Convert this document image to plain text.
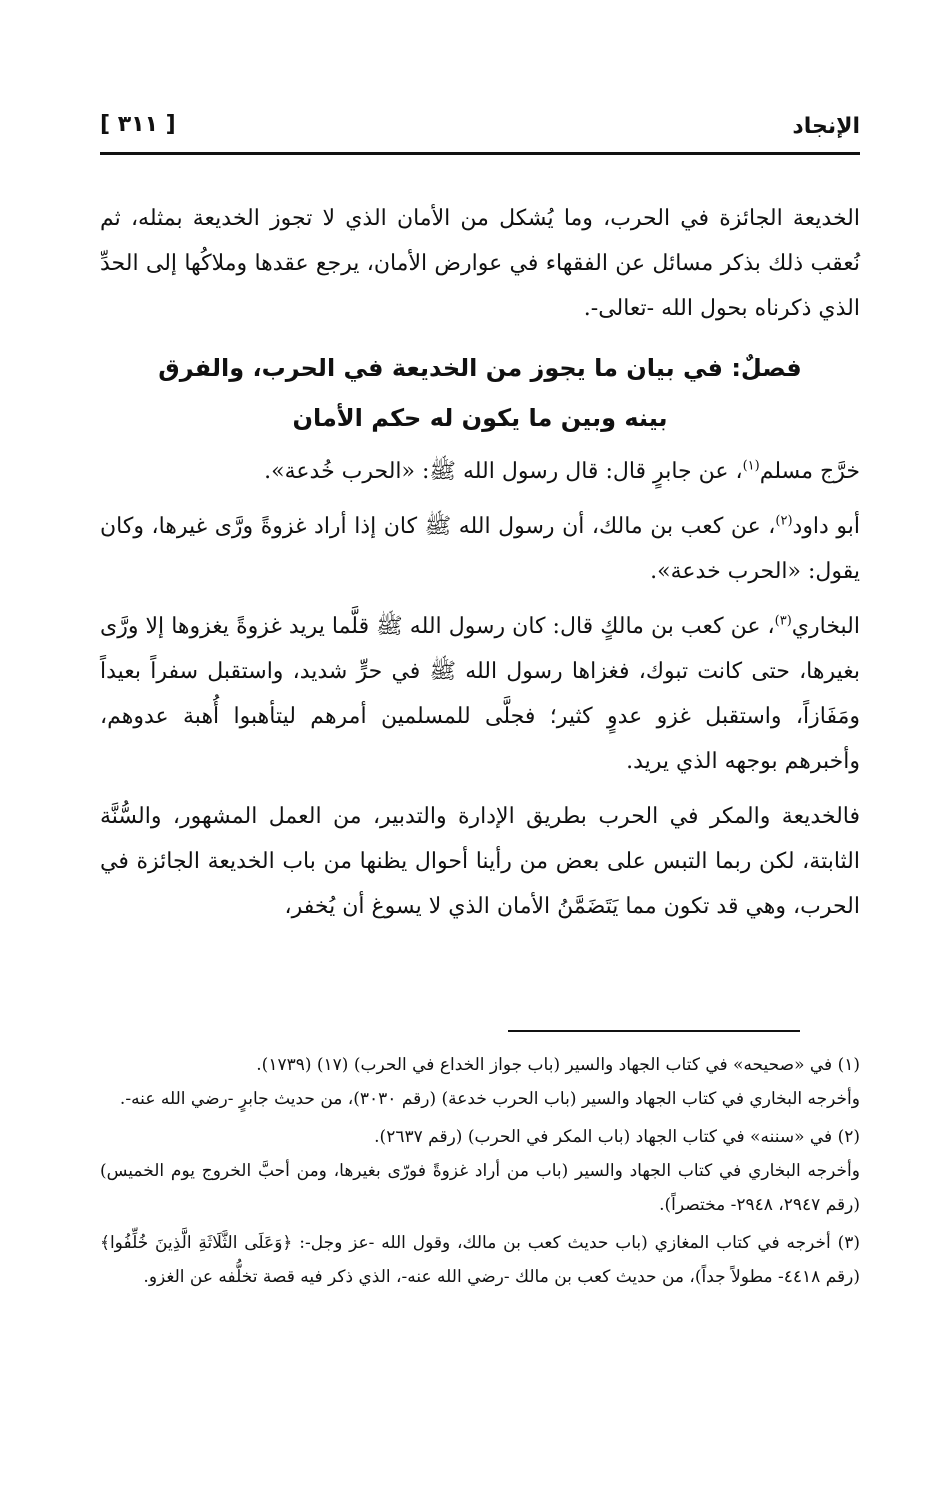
الإنجاد
[ ٣١١ ]

الخديعة الجائزة في الحرب، وما يُشكل من الأمان الذي لا تجوز الخديعة بمثله، ثم نُعقب ذلك بذكر مسائل عن الفقهاء في عوارض الأمان، يرجع عقدها وملاكُها إلى الحدِّ الذي ذكرناه بحول الله -تعالى-.

فصلٌ: في بيان ما يجوز من الخديعة في الحرب، والفرق
بينه وبين ما يكون له حكم الأمان

خرَّج مسلم$^{(١)}$، عن جابرٍ قال: قال رسول الله ﷺ: «الحرب خُدعة».

أبو داود$^{(٢)}$، عن كعب بن مالك، أن رسول الله ﷺ كان إذا أراد غزوةً ورَّى غيرها، وكان يقول: «الحرب خدعة».

البخاري$^{(٣)}$، عن كعب بن مالكٍ قال: كان رسول الله ﷺ قلَّما يريد غزوةً يغزوها إلا ورَّى بغيرها، حتى كانت تبوك، فغزاها رسول الله ﷺ في حرٍّ شديد، واستقبل سفراً بعيداً ومَفَازاً، واستقبل غزو عدوٍ كثير؛ فجلَّى للمسلمين أمرهم ليتأهبوا أُهبة عدوهم، وأخبرهم بوجهه الذي يريد.

فالخديعة والمكر في الحرب بطريق الإدارة والتدبير، من العمل المشهور، والسُّنَّة الثابتة، لكن ربما التبس على بعض من رأينا أحوال يظنها من باب الخديعة الجائزة في الحرب، وهي قد تكون مما يَتَضَمَّنُ الأمان الذي لا يسوغ أن يُخفر،

(١) في «صحيحه» في كتاب الجهاد والسير (باب جواز الخداع في الحرب) (١٧) (١٧٣٩).

وأخرجه البخاري في كتاب الجهاد والسير (باب الحرب خدعة) (رقم ٣٠٣٠)، من حديث جابرٍ -رضي الله عنه-.

(٢) في «سننه» في كتاب الجهاد (باب المكر في الحرب) (رقم ٢٦٣٧).

وأخرجه البخاري في كتاب الجهاد والسير (باب من أراد غزوةً فورّى بغيرها، ومن أحبَّ الخروج يوم الخميس) (رقم ٢٩٤٧، ٢٩٤٨- مختصراً).

(٣) أخرجه في كتاب المغازي (باب حديث كعب بن مالك، وقول الله -عز وجل-: ﴿وَعَلَى الثَّلَاثَةِ الَّذِينَ خُلِّفُوا﴾ (رقم ٤٤١٨- مطولاً جداً)، من حديث كعب بن مالك -رضي الله عنه-، الذي ذكر فيه قصة تخلُّفه عن الغزو.
